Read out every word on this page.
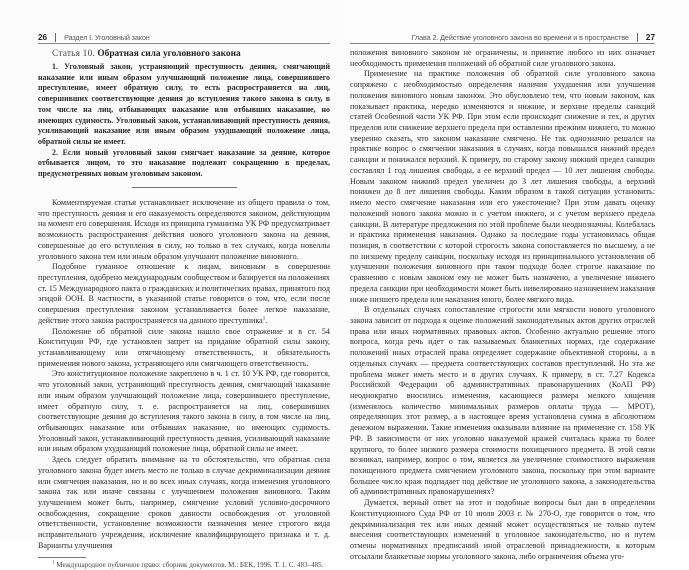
26 Раздел I. Уголовный закон

Статья 10. Обратная сила уголовного закона

1. Уголовный закон, устраняющий преступность деяния, смягчающий наказание или иным образом улучшающий положение лица, совершившего преступление, имеет обратную силу, то есть распространяется на лиц, совершивших соответствующие деяния до вступления такого закона в силу, в том числе на лиц, отбывающих наказание или отбывших наказание, но имеющих судимость. Уголовный закон, устанавливающий преступность деяния, усиливающий наказание или иным образом ухудшающий положение лица, обратной силы не имеет.

2. Если новый уголовный закон смягчает наказание за деяние, которое отбывается лицом, то это наказание подлежит сокращению в пределах, предусмотренных новым уголовным законом.

Комментируемая статья устанавливает исключение из общего правила о том, что преступность деяния и его наказуемость определяются законом, действующим на момент его совершения. Исходя из принципа гуманизма УК РФ предусматривает возможность распространения действия нового уголовного закона на деяния, совершенные до его вступления в силу, но только в тех случаях, когда новеллы уголовного закона тем или иным образом улучшают положение виновного.

Подобное гуманное отношение к лицам, виновным в совершении преступления, одобрено международным сообществом и базируется на положениях ст. 15 Международного пакта о гражданских и политических правах, принятого под эгидой ООН. В частности, в указанной статье говорится о том, что, если после совершения преступления законом устанавливается более легкое наказание, действие этого закона распространяется на данного преступника$^1$.

Положение об обратной силе закона нашло свое отражение и в ст. 54 Конституции РФ, где установлен запрет на придание обратной силы закону, устанавливающему или отягчающему ответственность, и обязательность применения нового закона, устраняющего или смягчающего ответственность.

Это конституционное положение закреплено в ч. 1 ст. 10 УК РФ, где говорится, что уголовный закон, устраняющий преступность деяния, смягчающий наказание или иным образом улучшающий положение лица, совершившего преступление, имеет обратную силу, т. е. распространяется на лиц, совершивших соответствующие деяния до вступления такого закона в силу, в том числе на лиц, отбывающих наказание или отбывших наказание, но имеющих судимость. Уголовный закон, устанавливающий преступность деяния, усиливающий наказание или иным образом ухудшающий положение лица, обратной силы не имеет.

Здесь следует обратить внимание на то обстоятельство, что обратная сила уголовного закона будет иметь место не только в случае декриминализации деяния или смягчения наказания, но и во всех иных случаях, когда изменения уголовного закона так или иначе связаны с улучшением положения виновного. Таким улучшением может быть, например, смягчение условий условно-досрочного освобождения, сокращение сроков давности освобождения от уголовной ответственности, установление возможности назначения менее строгого вида исправительного учреждения, исключение квалифицирующего признака и т. д. Варианты улучшения

$^1$ Международное публичное право: сборник документов. М.: БЕК, 1996. Т. 1. С. 483–485.
Глава 2. Действие уголовного закона во времени и в пространстве 27

положения виновного законом не ограничены, и принятие любого из них означает необходимость применения положений об обратной силе уголовного закона.

Применение на практике положения об обратной силе уголовного закона сопряжено с необходимостью определения наличия ухудшения или улучшения положения виновного новым законом. Это обусловлено тем, что новым законом, как показывает практика, нередко изменяются и нижние, и верхние пределы санкций статей Особенной части УК РФ. При этом если происходит снижение и тех, и других пределов или снижение верхнего предела при оставлении прежним нижнего, то можно уверенно сказать, что законом наказание смягчено. Не так однозначно решался на практике вопрос о смягчении наказания в случаях, когда повышался нижний предел санкции и понижался верхний. К примеру, по старому закону нижний предел санкции составлял 1 год лишения свободы, а ее верхний предел — 10 лет лишения свободы. Новым законом нижний предел увеличен до 3 лет лишения свободы, а верхний понижен до 8 лет лишения свободы. Каким образом в такой ситуации установить: имело место смягчение наказания или его ужесточение? При этом давать оценку положений нового закона можно и с учетом нижнего, и с учетом верхнего предела санкции. В литературе предложения по этой проблеме были неоднозначны. Колебалась и практика применения наказания. Однако за последние годы установилась общая позиция, в соответствии с которой строгость закона сопоставляется по высшему, а не по низшему пределу санкции, поскольку исходя из принципиального установления об улучшении положения виновного при таком подходе более строгое наказание по сравнению с новым законом ему не может быть назначено, а увеличение нижнего предела санкции при необходимости может быть нивелировано назначением наказания ниже низшего предела или наказания иного, более мягкого вида.

В отдельных случаях сопоставление строгости или мягкости нового уголовного закона зависит от подхода к оценке положений законодательных актов других отраслей права или иных нормативных правовых актов. Особенно актуально решение этого вопроса, когда речь идет о так называемых бланкетных нормах, где содержание положений иных отраслей права определяет содержание объективной стороны, а в отдельных случаях — предмета соответствующих составов преступлений. Но эта же проблема может иметь место и в других случаях. К примеру, в ст. 7.27 Кодекса Российской Федерации об административных правонарушениях (КоАП РФ) неоднократно вносились изменения, касающиеся размера мелкого хищения (изменялось количество минимальных размеров оплаты труда — МРОТ), определяющих этот размер, а в настоящее время установлена сумма в абсолютном денежном выражении. Такие изменения оказывали влияние на применение ст. 158 УК РФ. В зависимости от них уголовно наказуемой кражей считалась кража то более крупного, то более низкого размера стоимости похищенного предмета. В этой связи возникал, например, вопрос о том, является ли увеличение стоимостного выражения похищенного предмета смягчением уголовного закона, поскольку при этом варианте большее число краж подпадает под действие не уголовного закона, а законодательства об административных правонарушениях?

Думается, верный ответ на этот и подобные вопросы был дан в определении Конституционного Суда РФ от 10 июля 2003 г. № 270-О, где говорится о том, что декриминализация тех или иных деяний может осуществляться не только путем внесения соответствующих изменений в уголовное законодательство, но и путем отмены нормативных предписаний иной отраслевой принадлежности, к которым отсылали бланкетные нормы уголовного закона, либо ограничения объема уго-
